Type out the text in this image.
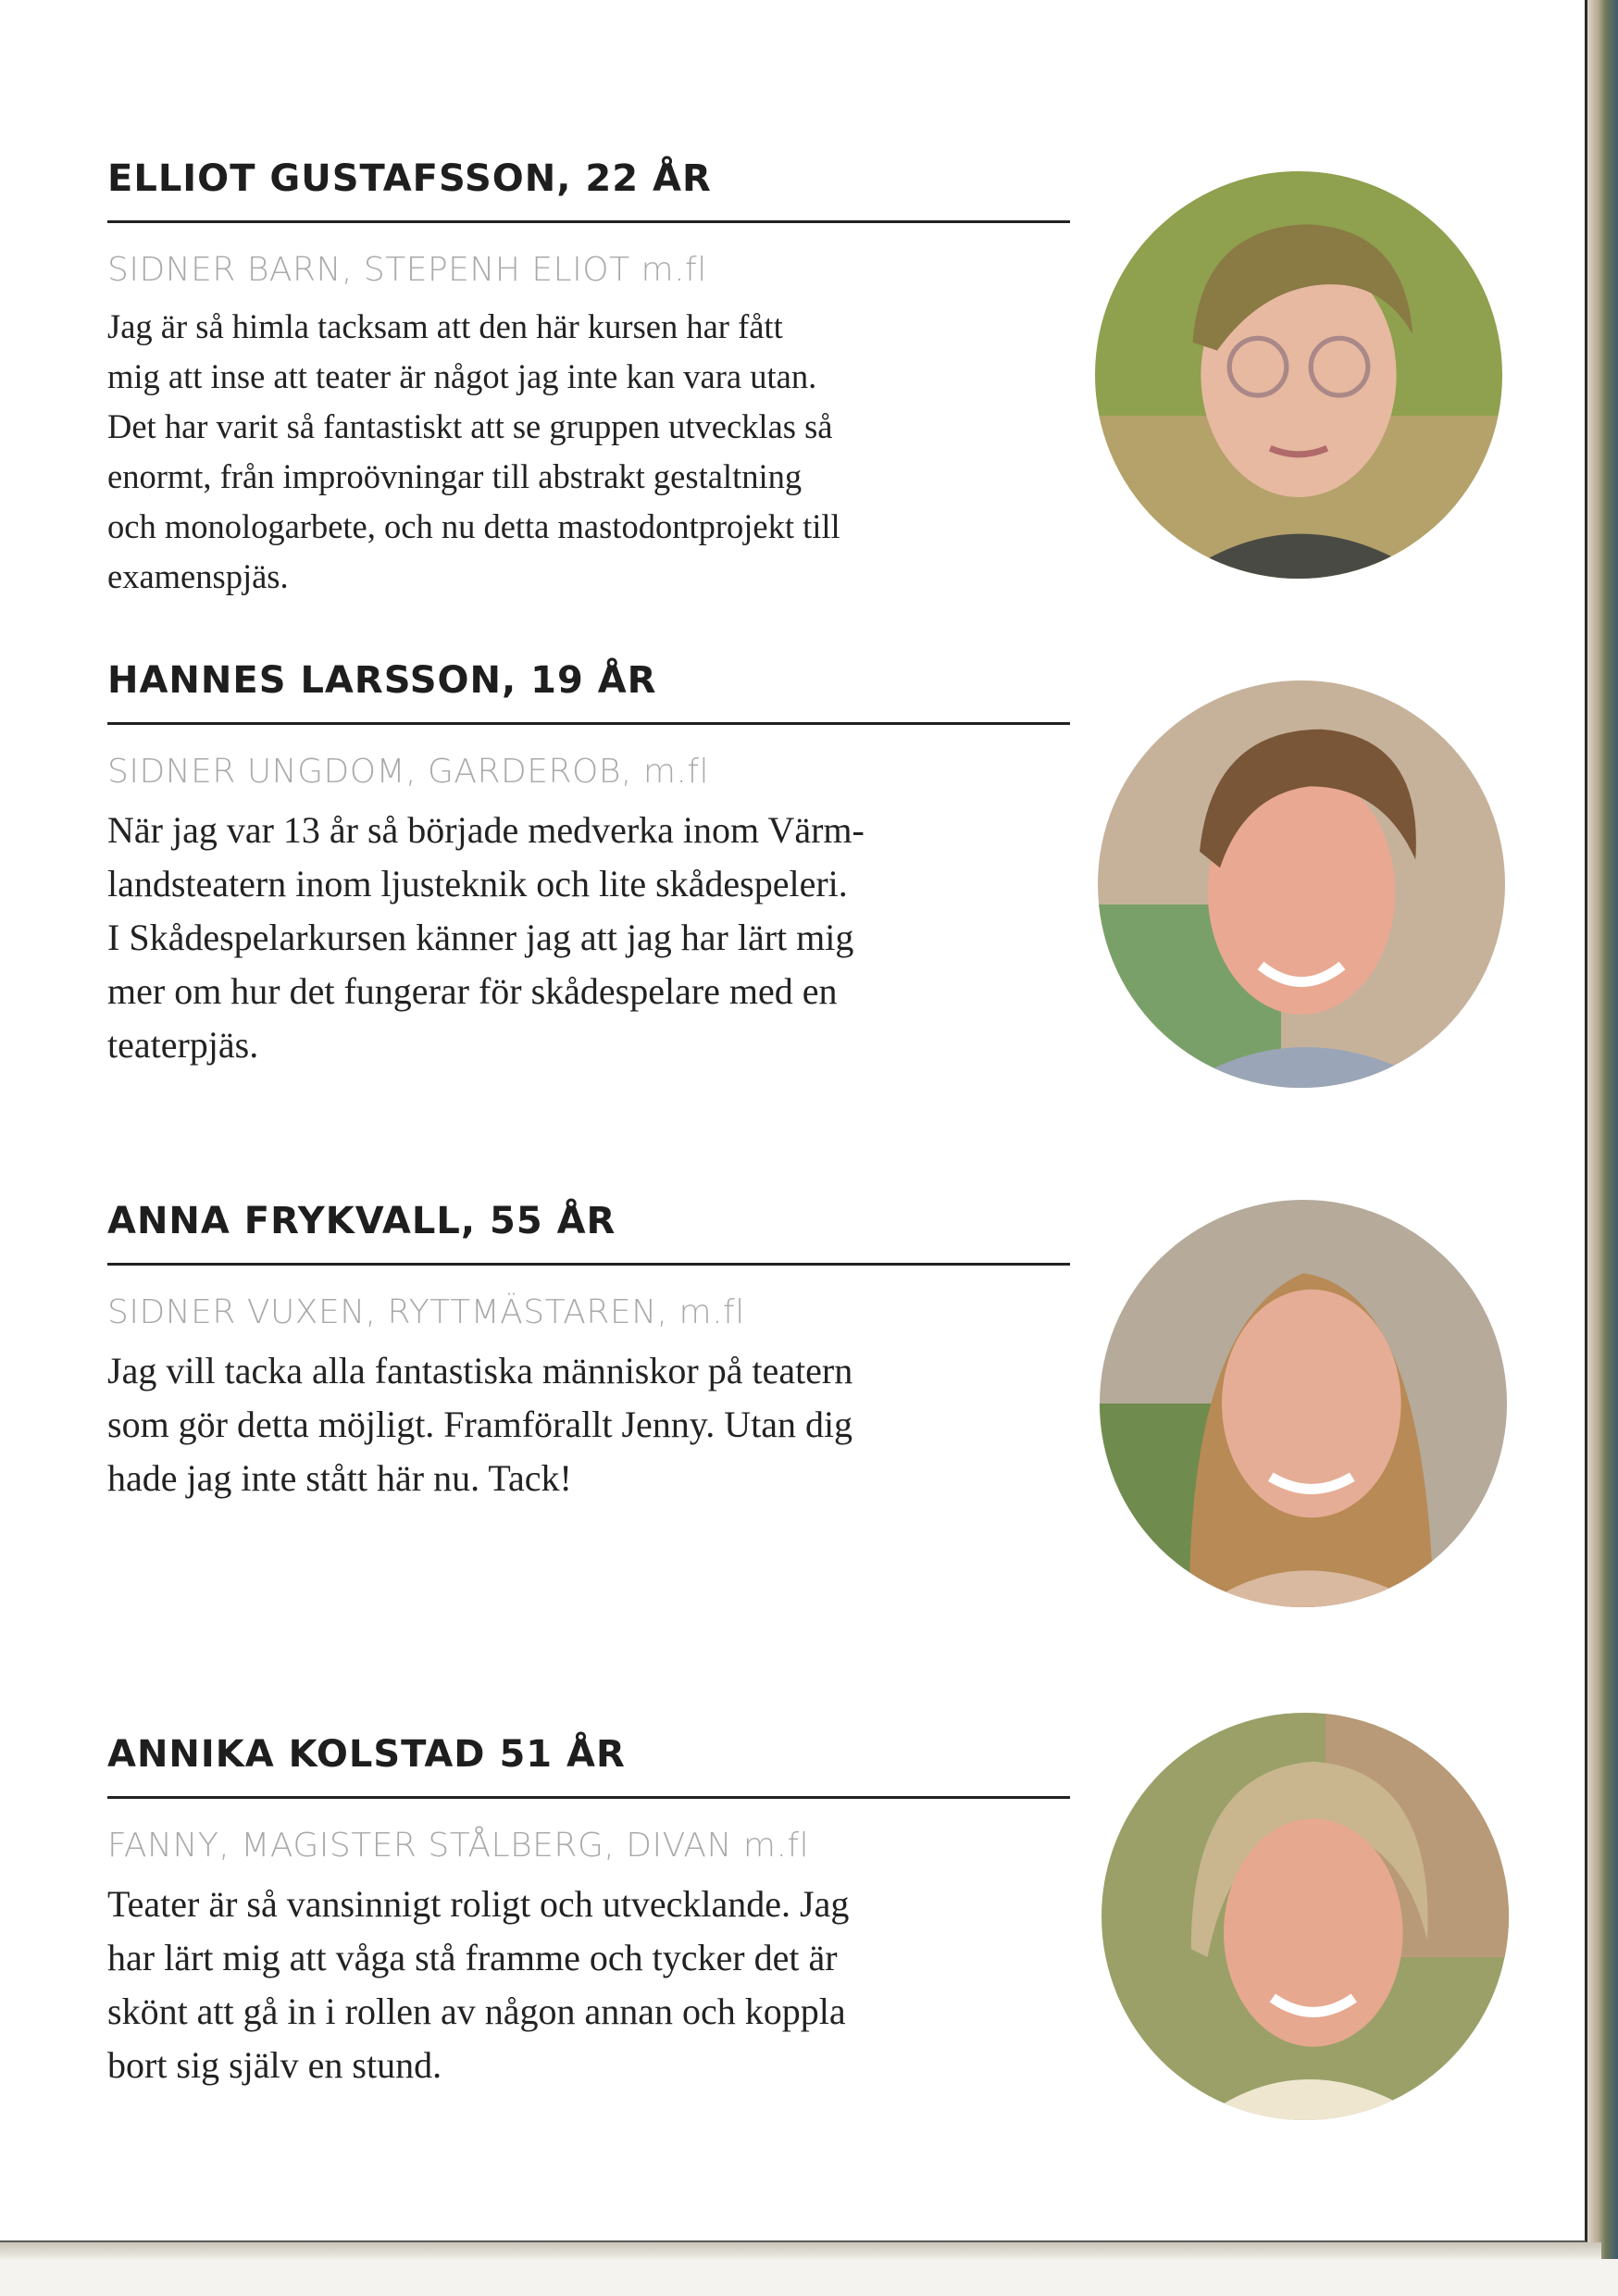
ELLIOT GUSTAFSSON, 22 ÅR
SIDNER BARN, STEPENH ELIOT m.fl

Jag är så himla tacksam att den här kursen har fått
mig att inse att teater är något jag inte kan vara utan.
Det har varit så fantastiskt att se gruppen utvecklas så
enormt, från improövningar till abstrakt gestaltning
och monologarbete, och nu detta mastodontprojekt till
examenspjäs.

HANNES LARSSON, 19 ÅR
SIDNER UNGDOM, GARDEROB, m.fl

När jag var 13 år så började medverka inom Värm-
landsteatern inom ljusteknik och lite skådespeleri.
I Skådespelarkursen känner jag att jag har lärt mig
mer om hur det fungerar för skådespelare med en
teaterpjäs.

ANNA FRYKVALL, 55 ÅR
SIDNER VUXEN, RYTTMÄSTAREN, m.fl

Jag vill tacka alla fantastiska människor på teatern
som gör detta möjligt. Framförallt Jenny. Utan dig
hade jag inte stått här nu. Tack!

ANNIKA KOLSTAD 51 ÅR
FANNY, MAGISTER STÅLBERG, DIVAN m.fl

Teater är så vansinnigt roligt och utvecklande. Jag
har lärt mig att våga stå framme och tycker det är
skönt att gå in i rollen av någon annan och koppla
bort sig själv en stund.
